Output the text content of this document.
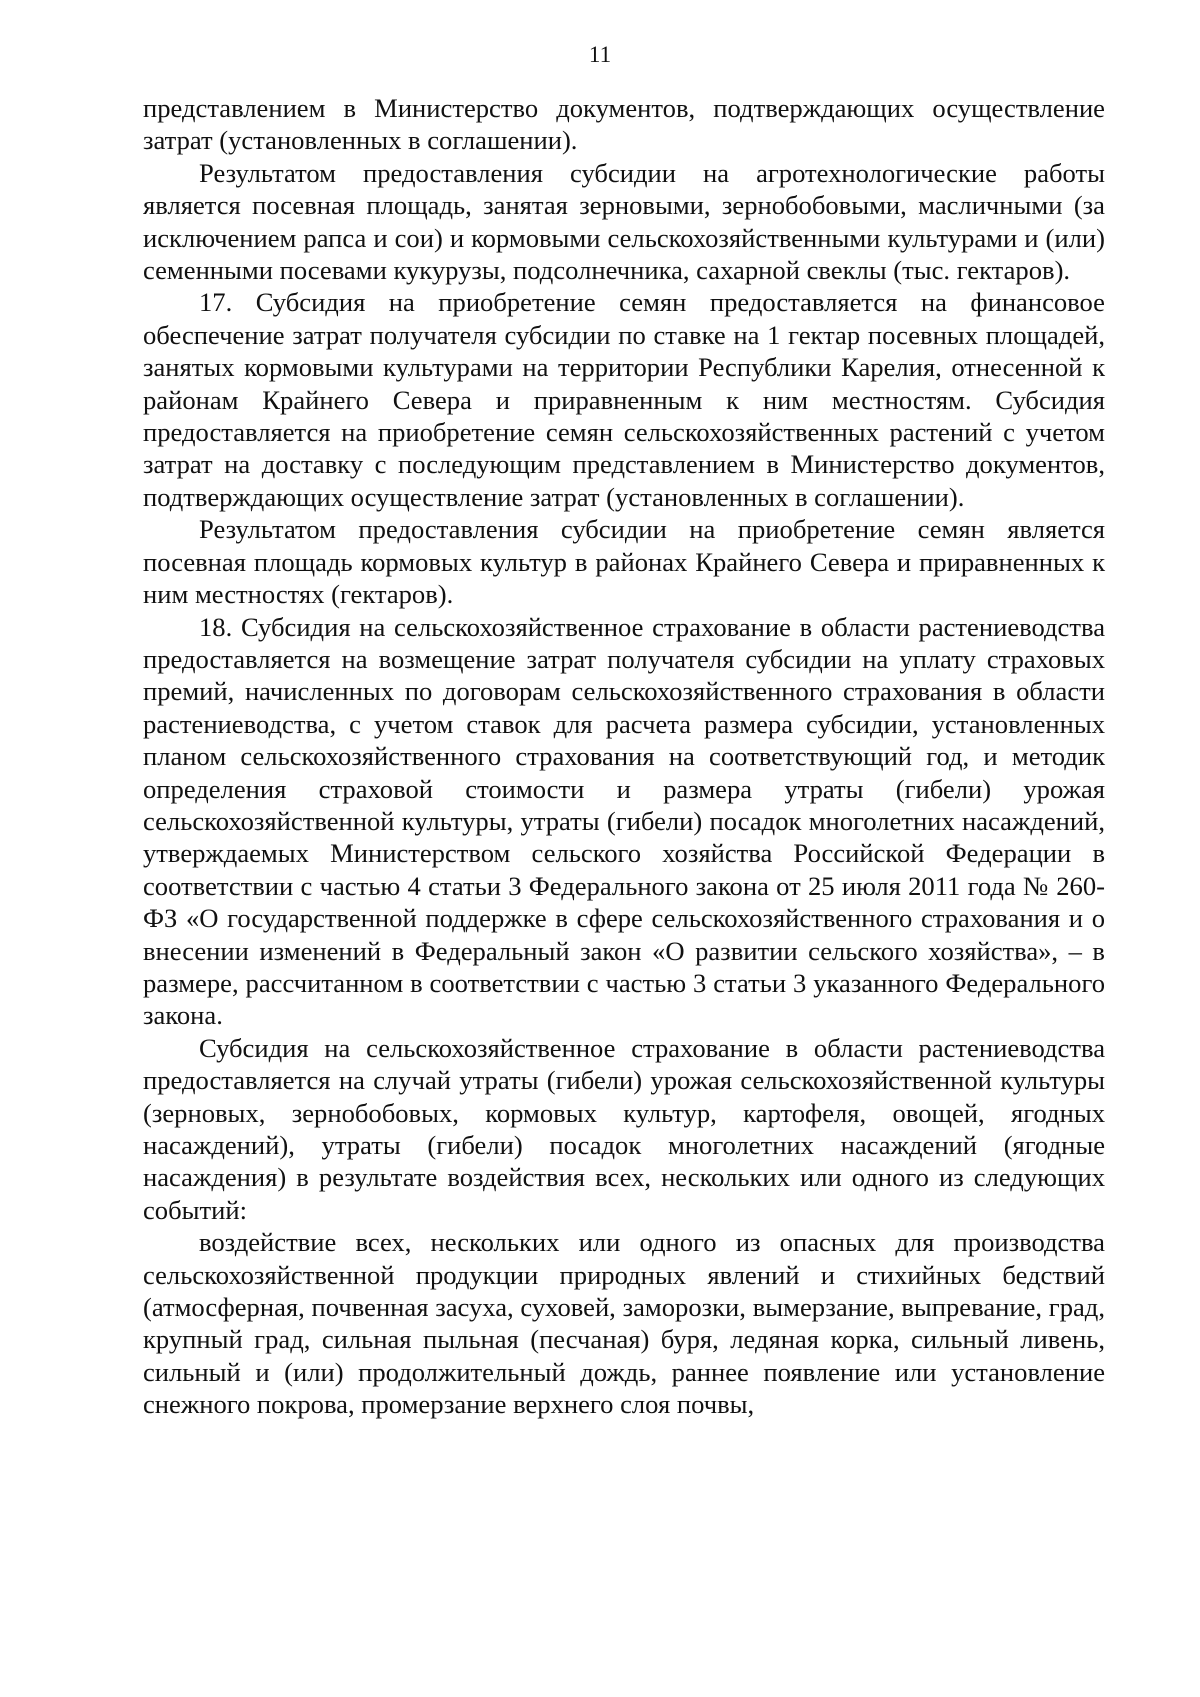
11

представлением в Министерство документов, подтверждающих осуществление затрат (установленных в соглашении).

Результатом предоставления субсидии на агротехнологические работы является посевная площадь, занятая зерновыми, зернобобовыми, масличными (за исключением рапса и сои) и кормовыми сельскохозяйственными культурами и (или) семенными посевами кукурузы, подсолнечника, сахарной свеклы (тыс. гектаров).

17. Субсидия на приобретение семян предоставляется на финансовое обеспечение затрат получателя субсидии по ставке на 1 гектар посевных площадей, занятых кормовыми культурами на территории Республики Карелия, отнесенной к районам Крайнего Севера и приравненным к ним местностям. Субсидия предоставляется на приобретение семян сельскохозяйственных растений с учетом затрат на доставку с последующим представлением в Министерство документов, подтверждающих осуществление затрат (установленных в соглашении).

Результатом предоставления субсидии на приобретение семян является посевная площадь кормовых культур в районах Крайнего Севера и приравненных к ним местностях (гектаров).

18. Субсидия на сельскохозяйственное страхование в области растениеводства предоставляется на возмещение затрат получателя субсидии на уплату страховых премий, начисленных по договорам сельскохозяйственного страхования в области растениеводства, с учетом ставок для расчета размера субсидии, установленных планом сельскохозяйственного страхования на соответствующий год, и методик определения страховой стоимости и размера утраты (гибели) урожая сельскохозяйственной культуры, утраты (гибели) посадок многолетних насаждений, утверждаемых Министерством сельского хозяйства Российской Федерации в соответствии с частью 4 статьи 3 Федерального закона от 25 июля 2011 года № 260-ФЗ «О государственной поддержке в сфере сельскохозяйственного страхования и о внесении изменений в Федеральный закон «О развитии сельского хозяйства», – в размере, рассчитанном в соответствии с частью 3 статьи 3 указанного Федерального закона.

Субсидия на сельскохозяйственное страхование в области растениеводства предоставляется на случай утраты (гибели) урожая сельскохозяйственной культуры (зерновых, зернобобовых, кормовых культур, картофеля, овощей, ягодных насаждений), утраты (гибели) посадок многолетних насаждений (ягодные насаждения) в результате воздействия всех, нескольких или одного из следующих событий:

воздействие всех, нескольких или одного из опасных для производства сельскохозяйственной продукции природных явлений и стихийных бедствий (атмосферная, почвенная засуха, суховей, заморозки, вымерзание, выпревание, град, крупный град, сильная пыльная (песчаная) буря, ледяная корка, сильный ливень, сильный и (или) продолжительный дождь, раннее появление или установление снежного покрова, промерзание верхнего слоя почвы,
